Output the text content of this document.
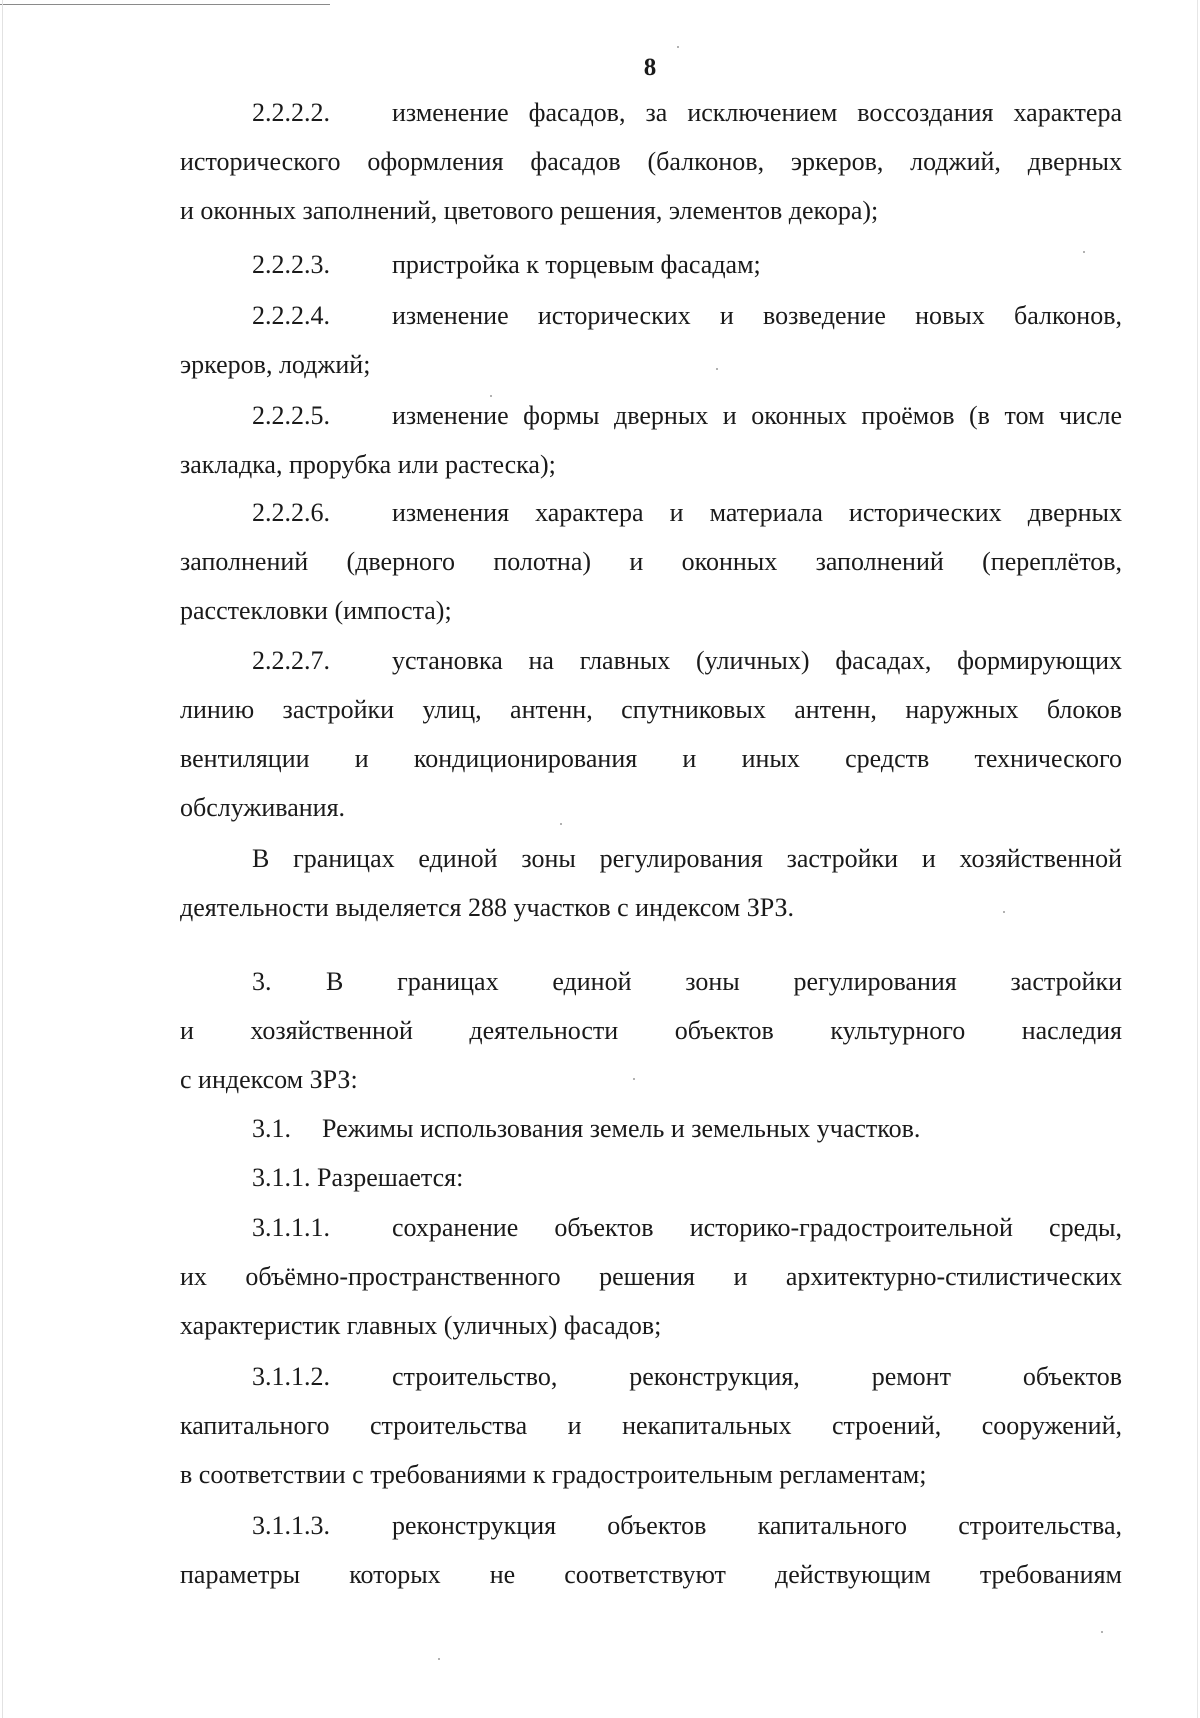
8
2.2.2.2. изменение фасадов, за исключением воссоздания характера
исторического оформления фасадов (балконов, эркеров, лоджий, дверных
и оконных заполнений, цветового решения, элементов декора);
2.2.2.3. пристройка к торцевым фасадам;
2.2.2.4. изменение исторических и возведение новых балконов,
эркеров, лоджий;
2.2.2.5. изменение формы дверных и оконных проёмов (в том числе
закладка, прорубка или растеска);
2.2.2.6. изменения характера и материала исторических дверных
заполнений (дверного полотна) и оконных заполнений (переплётов,
расстекловки (импоста);
2.2.2.7. установка на главных (уличных) фасадах, формирующих
линию застройки улиц, антенн, спутниковых антенн, наружных блоков
вентиляции и кондиционирования и иных средств технического
обслуживания.
В границах единой зоны регулирования застройки и хозяйственной
деятельности выделяется 288 участков с индексом ЗРЗ.
3. В границах единой зоны регулирования застройки
и хозяйственной деятельности объектов культурного наследия
с индексом ЗРЗ:
3.1. Режимы использования земель и земельных участков.
3.1.1. Разрешается:
3.1.1.1. сохранение объектов историко-градостроительной среды,
их объёмно-пространственного решения и архитектурно-стилистических
характеристик главных (уличных) фасадов;
3.1.1.2. строительство, реконструкция, ремонт объектов
капитального строительства и некапитальных строений, сооружений,
в соответствии с требованиями к градостроительным регламентам;
3.1.1.3. реконструкция объектов капитального строительства,
параметры которых не соответствуют действующим требованиям
